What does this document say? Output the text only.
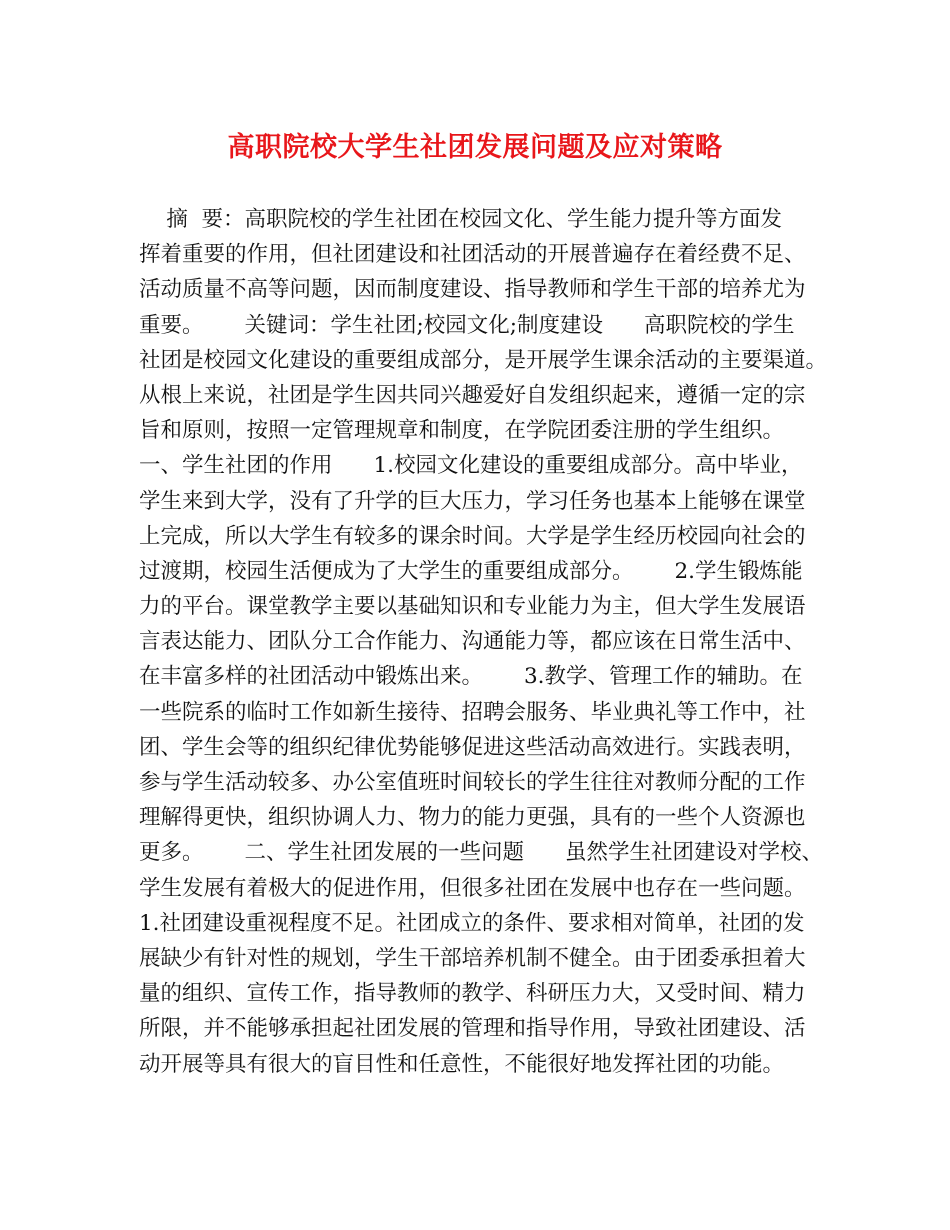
高职院校大学生社团发展问题及应对策略
摘  要：高职院校的学生社团在校园文化、学生能力提升等方面发
挥着重要的作用，但社团建设和社团活动的开展普遍存在着经费不足、
活动质量不高等问题，因而制度建设、指导教师和学生干部的培养尤为
重要。      关键词：学生社团;校园文化;制度建设      高职院校的学生
社团是校园文化建设的重要组成部分，是开展学生课余活动的主要渠道。
从根上来说，社团是学生因共同兴趣爱好自发组织起来，遵循一定的宗
旨和原则，按照一定管理规章和制度，在学院团委注册的学生组织。
一、学生社团的作用      1.校园文化建设的重要组成部分。高中毕业，
学生来到大学，没有了升学的巨大压力，学习任务也基本上能够在课堂
上完成，所以大学生有较多的课余时间。大学是学生经历校园向社会的
过渡期，校园生活便成为了大学生的重要组成部分。      2.学生锻炼能
力的平台。课堂教学主要以基础知识和专业能力为主，但大学生发展语
言表达能力、团队分工合作能力、沟通能力等，都应该在日常生活中、
在丰富多样的社团活动中锻炼出来。      3.教学、管理工作的辅助。在
一些院系的临时工作如新生接待、招聘会服务、毕业典礼等工作中，社
团、学生会等的组织纪律优势能够促进这些活动高效进行。实践表明，
参与学生活动较多、办公室值班时间较长的学生往往对教师分配的工作
理解得更快，组织协调人力、物力的能力更强，具有的一些个人资源也
更多。      二、学生社团发展的一些问题      虽然学生社团建设对学校、
学生发展有着极大的促进作用，但很多社团在发展中也存在一些问题。
1.社团建设重视程度不足。社团成立的条件、要求相对简单，社团的发
展缺少有针对性的规划，学生干部培养机制不健全。由于团委承担着大
量的组织、宣传工作，指导教师的教学、科研压力大，又受时间、精力
所限，并不能够承担起社团发展的管理和指导作用，导致社团建设、活
动开展等具有很大的盲目性和任意性，不能很好地发挥社团的功能。
